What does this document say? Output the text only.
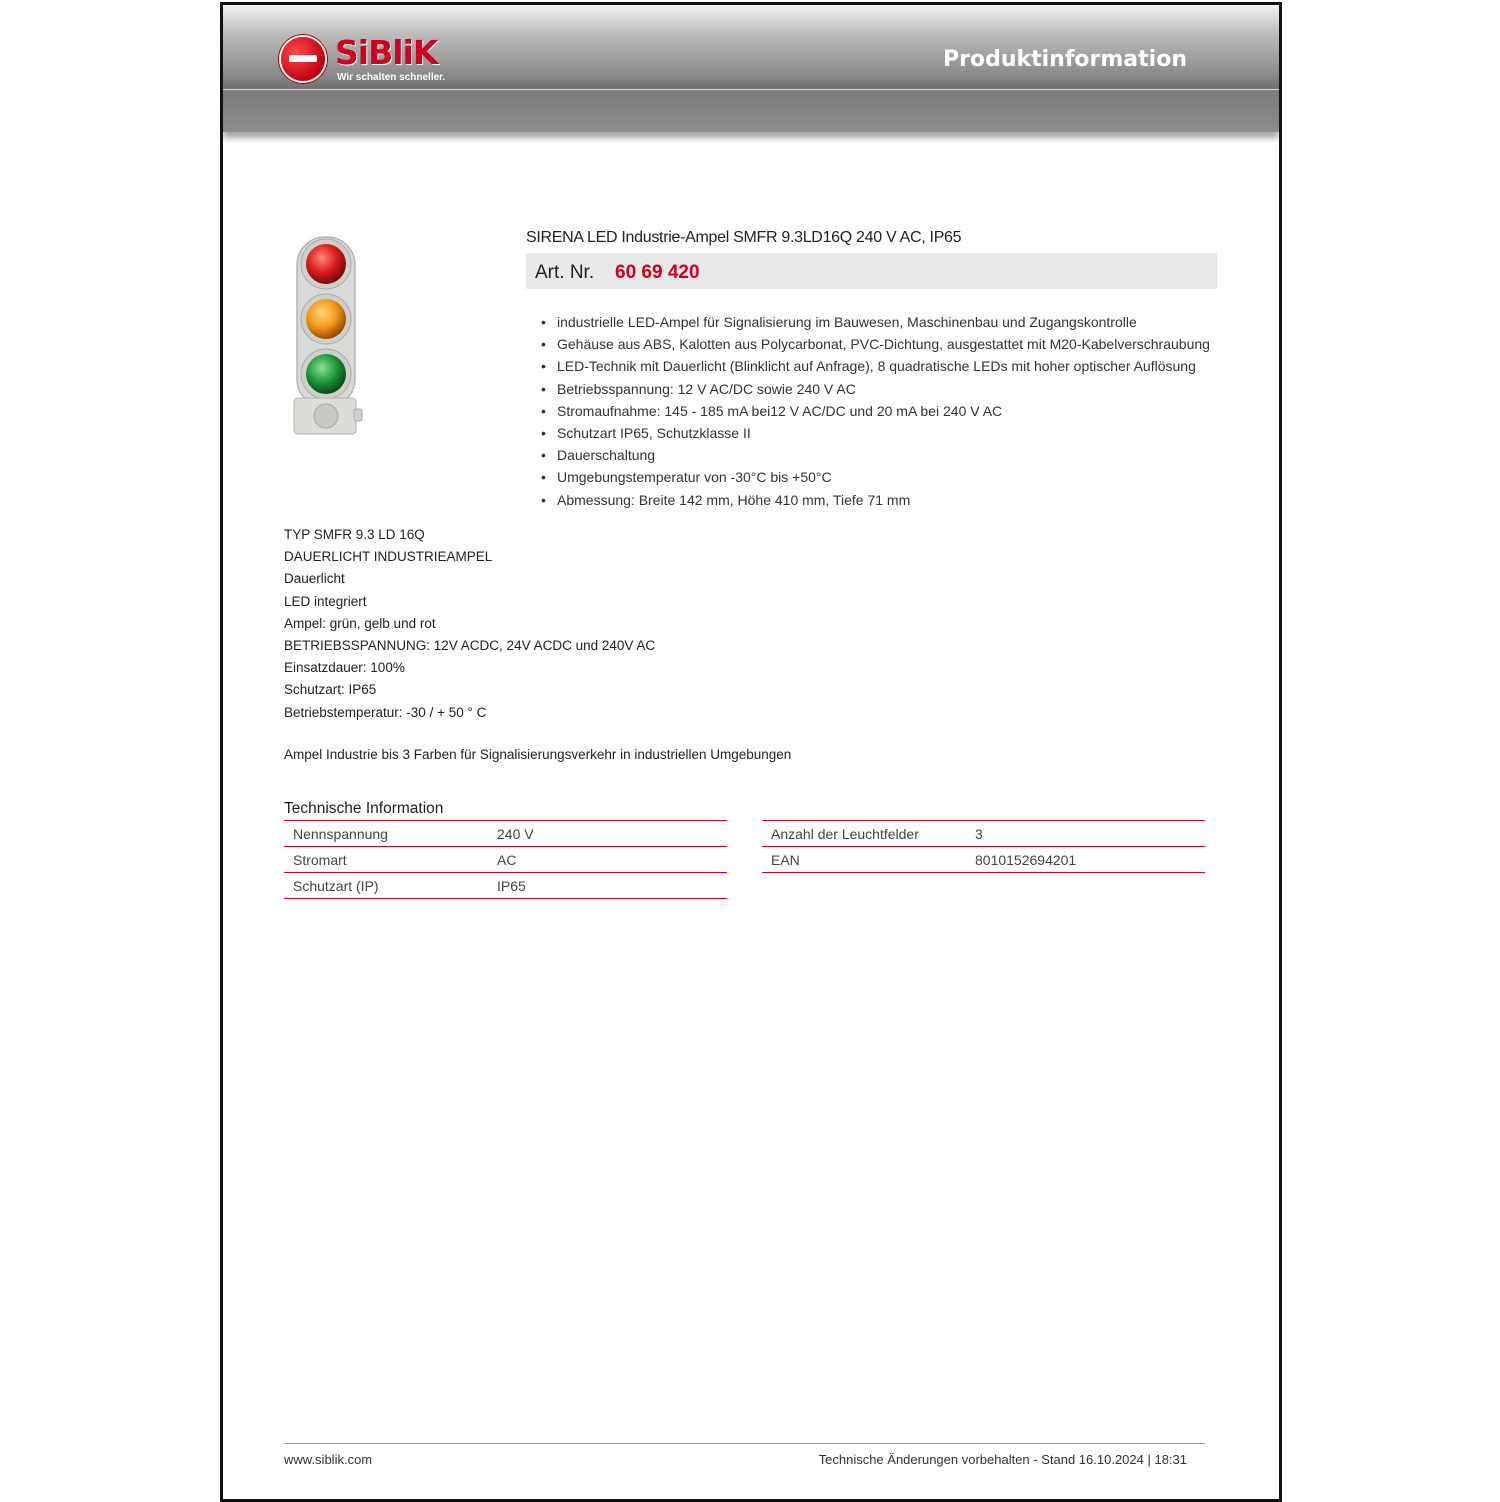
SiBliK
Wir schalten schneller.
Produktinformation
SIRENA LED Industrie-Ampel SMFR 9.3LD16Q 240 V AC, IP65
Art. Nr. 60 69 420
• industrielle LED-Ampel für Signalisierung im Bauwesen, Maschinenbau und Zugangskontrolle
• Gehäuse aus ABS, Kalotten aus Polycarbonat, PVC-Dichtung, ausgestattet mit M20-Kabelverschraubung
• LED-Technik mit Dauerlicht (Blinklicht auf Anfrage), 8 quadratische LEDs mit hoher optischer Auflösung
• Betriebsspannung: 12 V AC/DC sowie 240 V AC
• Stromaufnahme: 145 - 185 mA bei12 V AC/DC und 20 mA bei 240 V AC
• Schutzart IP65, Schutzklasse II
• Dauerschaltung
• Umgebungstemperatur von -30°C bis +50°C
• Abmessung: Breite 142 mm, Höhe 410 mm, Tiefe 71 mm
TYP SMFR 9.3 LD 16Q
DAUERLICHT INDUSTRIEAMPEL
Dauerlicht
LED integriert
Ampel: grün, gelb und rot
BETRIEBSSPANNUNG: 12V ACDC, 24V ACDC und 240V AC
Einsatzdauer: 100%
Schutzart: IP65
Betriebstemperatur: -30 / + 50 ° C
Ampel Industrie bis 3 Farben für Signalisierungsverkehr in industriellen Umgebungen
Technische Information
Nennspannung	240 V
Stromart	AC
Schutzart (IP)	IP65
Anzahl der Leuchtfelder	3
EAN	8010152694201
www.siblik.com	Technische Änderungen vorbehalten - Stand 16.10.2024 | 18:31
